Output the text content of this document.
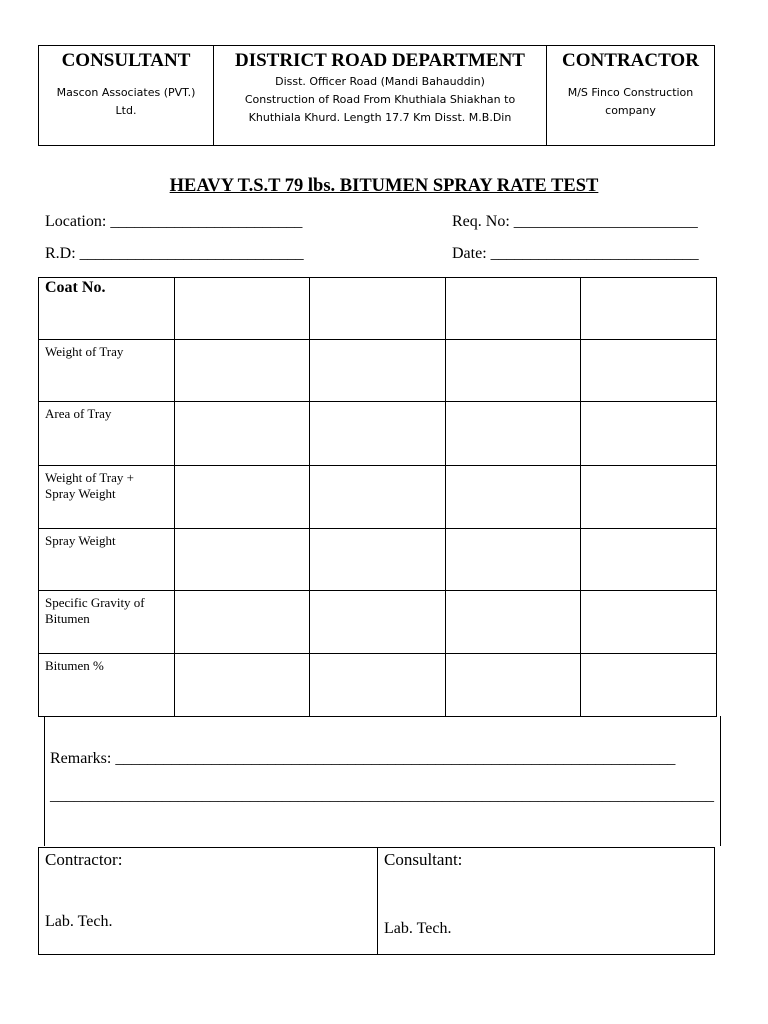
CONSULTANT
Mascon Associates (PVT.)
Ltd.
DISTRICT ROAD DEPARTMENT
Disst. Officer Road (Mandi Bahauddin)
Construction of Road From Khuthiala Shiakhan to
Khuthiala Khurd. Length 17.7 Km Disst. M.B.Din
CONTRACTOR
M/S Finco Construction
company
HEAVY T.S.T 79 lbs. BITUMEN SPRAY RATE TEST
Location: ________________________	Req. No: _______________________
R.D: ____________________________	Date: __________________________
Coat No.				
Weight of Tray				
Area of Tray				
Weight of Tray + Spray Weight				
Spray Weight				
Specific Gravity of Bitumen				
Bitumen %				
Remarks: ______________________________________________________________________
___________________________________________________________________________________
Contractor:
Lab. Tech.
Consultant:
Lab. Tech.
